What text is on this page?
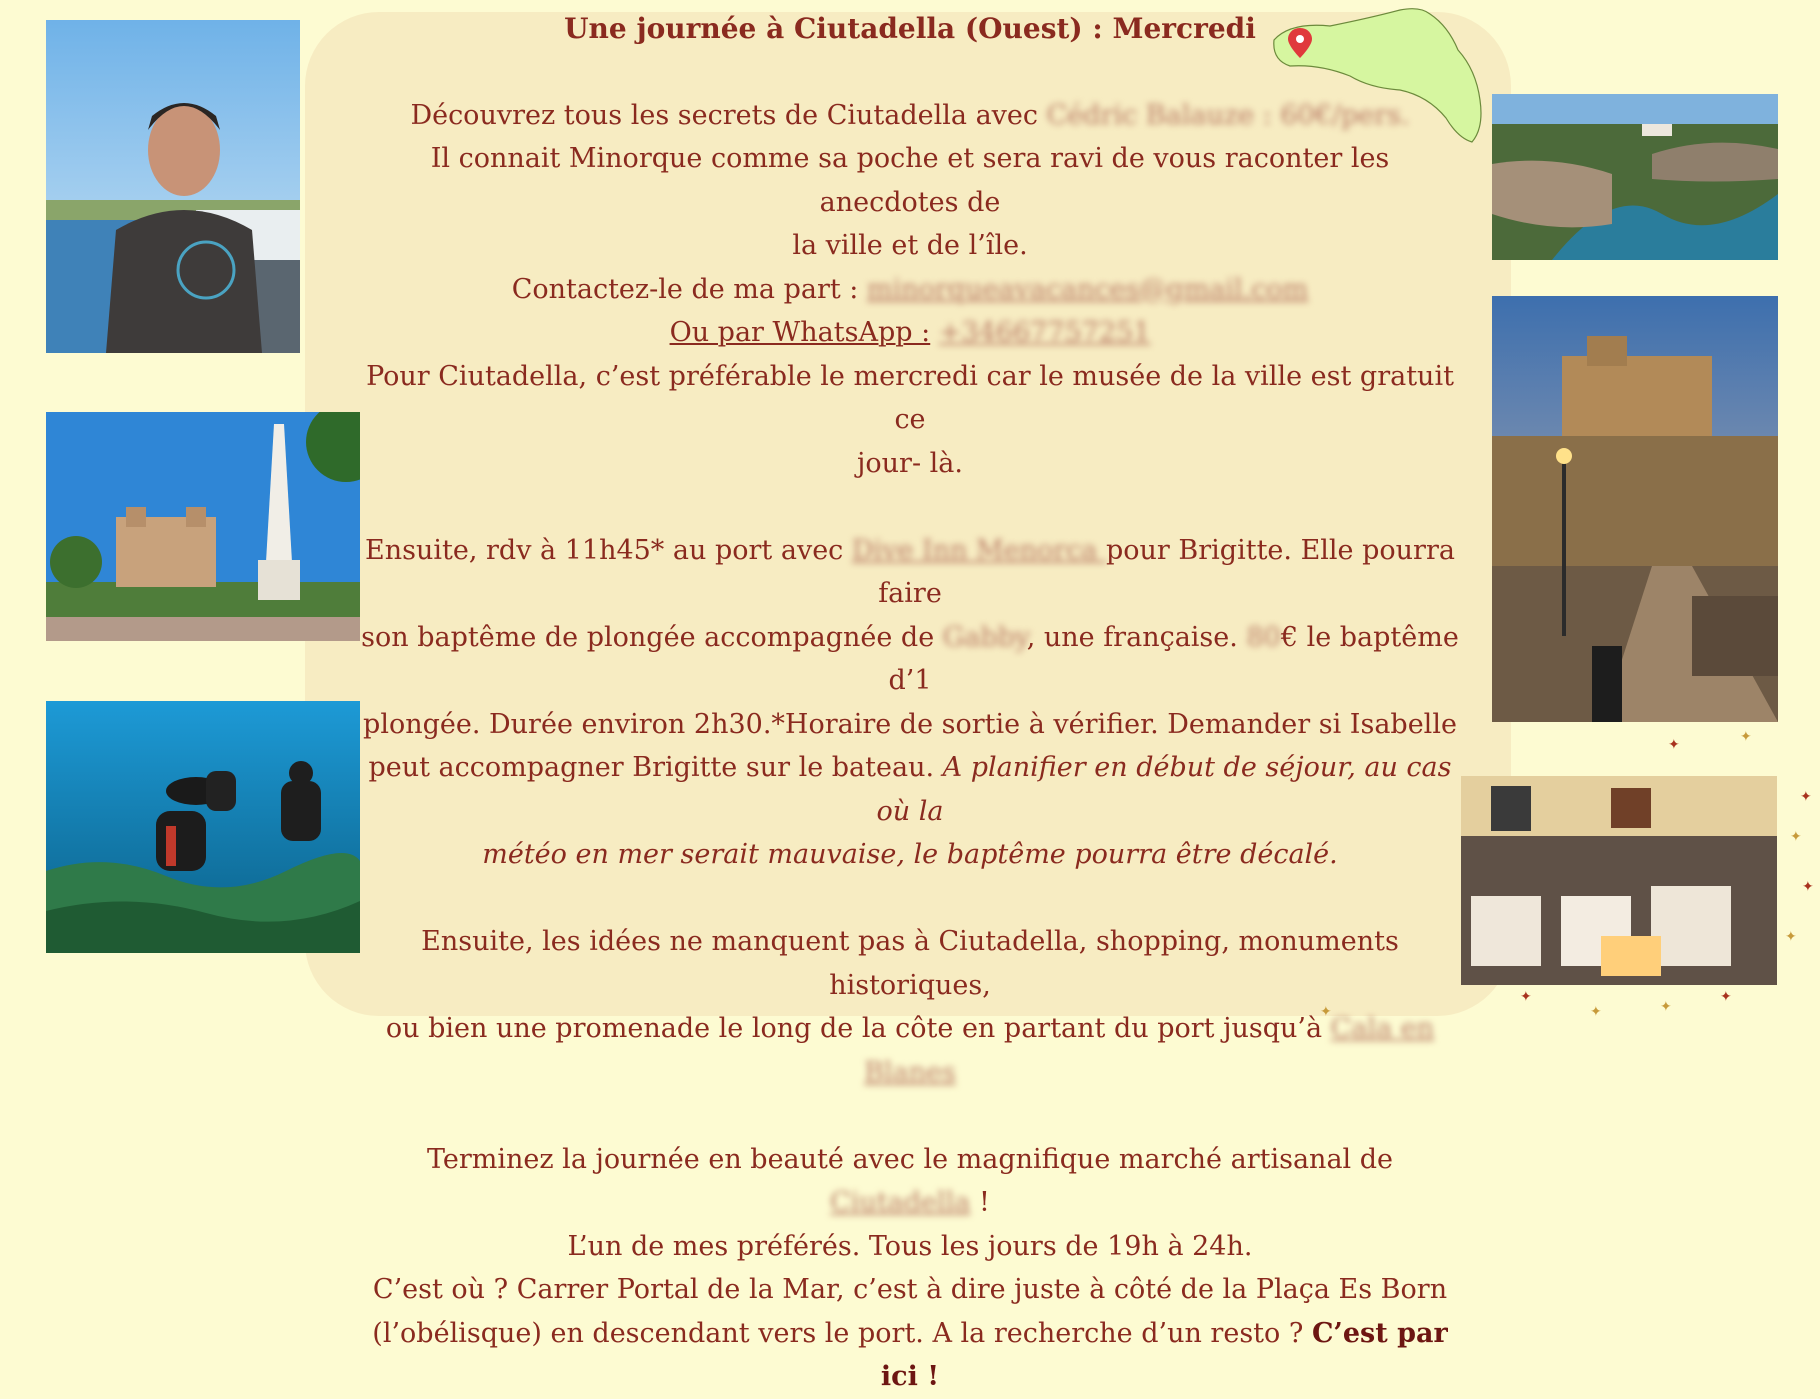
Une journée à Ciutadella (Ouest) : Mercredi

Découvrez tous les secrets de Ciutadella avec Cédric Balauze : 60€/pers.

Il connait Minorque comme sa poche et sera ravi de vous raconter les anecdotes de

la ville et de l’île.

Contactez-le de ma part : minorqueavacances@gmail.com

Ou par WhatsApp : +34667757251

Pour Ciutadella, c’est préférable le mercredi car le musée de la ville est gratuit ce

jour- là.

Ensuite, rdv à 11h45* au port avec Dive Inn Menorca pour Brigitte. Elle pourra faire

son baptême de plongée accompagnée de Gabby, une française. 80€ le baptême d’1

plongée. Durée environ 2h30.*Horaire de sortie à vérifier. Demander si Isabelle

peut accompagner Brigitte sur le bateau. A planifier en début de séjour, au cas où la

météo en mer serait mauvaise, le baptême pourra être décalé.

Ensuite, les idées ne manquent pas à Ciutadella, shopping, monuments historiques,

ou bien une promenade le long de la côte en partant du port jusqu’à Cala en Blanes

Terminez la journée en beauté avec le magnifique marché artisanal de Ciutadella !

L’un de mes préférés. Tous les jours de 19h à 24h.

C’est où ? Carrer Portal de la Mar, c’est à dire juste à côté de la Plaça Es Born

(l’obélisque) en descendant vers le port. A la recherche d’un resto ? C’est par ici !

✦	✦
✦
✦
✦
✦
✦
✦
✦
✦
✦
